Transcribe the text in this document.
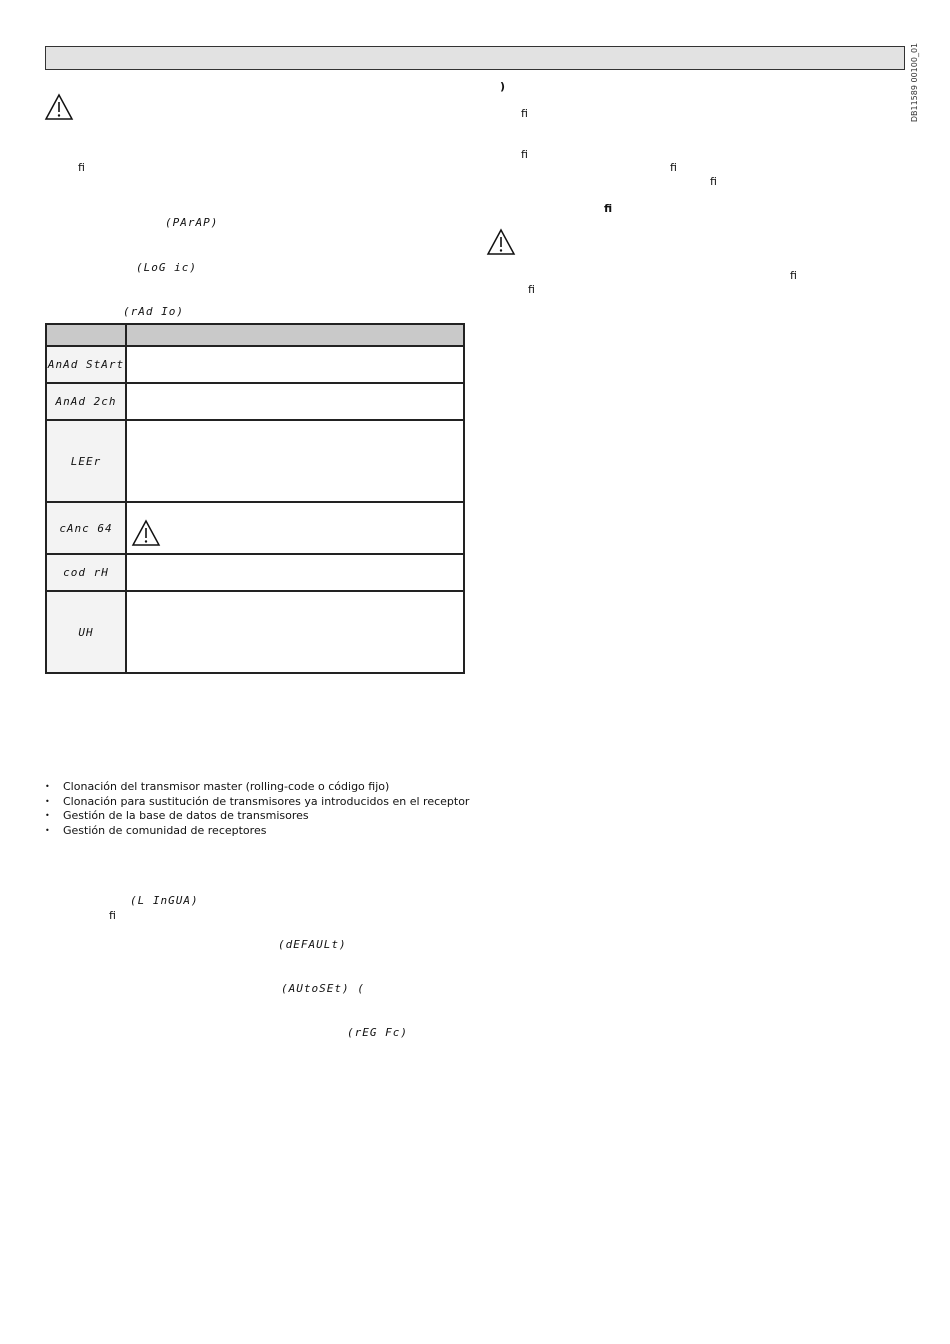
DB11589 00100_01
ﬁ
(PArAP)
(LoG ic)
(rAd Io)

AnAd StArt	
AnAd 2ch	
LEEr	
cAnc 64	
cod rH	
UH	
• Clonación del transmisor master (rolling-code o código fijo)
• Clonación para sustitución de transmisores ya introducidos en el receptor
• Gestión de la base de datos de transmisores
• Gestión de comunidad de receptores
(L InGUA)
ﬁ
(dEFAULt)
(AUtoSEt) (
(rEG Fc)
)
ﬁ
ﬁ
ﬁ
ﬁ
ﬁ
ﬁ
ﬁ
